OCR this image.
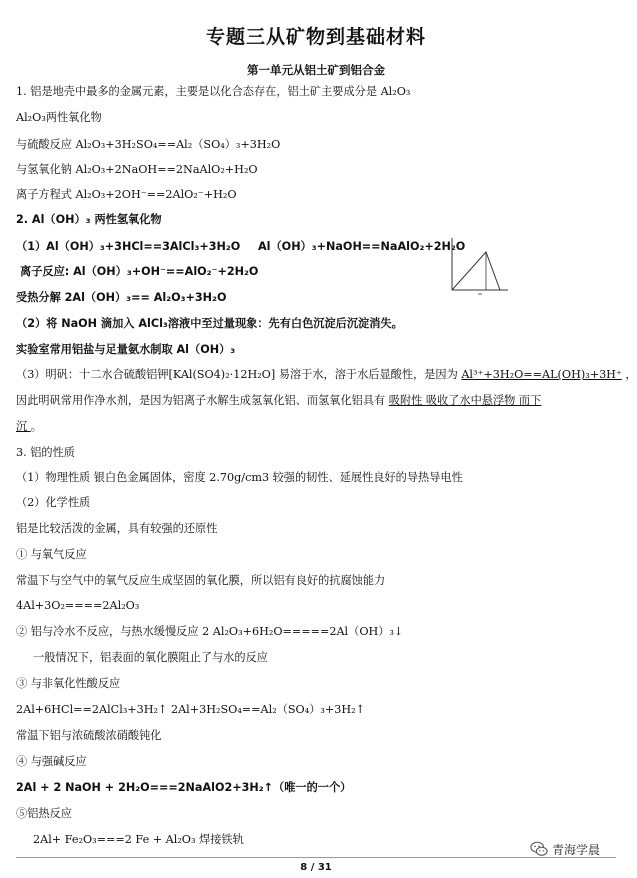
专题三从矿物到基础材料
第一单元从铝土矿到铝合金
1. 铝是地壳中最多的金属元素，主要是以化合态存在，铝土矿主要成分是 Al₂O₃
Al₂O₃两性氧化物
与硫酸反应 Al₂O₃+3H₂SO₄==Al₂（SO₄）₃+3H₂O
与氢氧化钠 Al₂O₃+2NaOH==2NaAlO₂+H₂O
离子方程式 Al₂O₃+2OH⁻==2AlO₂⁻+H₂O
2. Al（OH）₃ 两性氢氧化物
（1）Al（OH）₃+3HCl==3AlCl₃+3H₂O Al（OH）₃+NaOH==NaAlO₂+2H₂O
离子反应: Al（OH）₃+OH⁻==AlO₂⁻+2H₂O
受热分解 2Al（OH）₃== Al₂O₃+3H₂O
（2）将 NaOH 滴加入 AlCl₃溶液中至过量现象：先有白色沉淀后沉淀消失。
实验室常用铝盐与足量氨水制取 Al（OH）₃
（3）明矾：十二水合硫酸铝钾[KAl(SO4)₂·12H₂O] 易溶于水，溶于水后显酸性，是因为 Al³⁺+3H₂O==AL(OH)₃+3H⁺ ，
因此明矾常用作净水剂，是因为铝离子水解生成氢氧化铝、而氢氧化铝具有 吸附性 吸收了水中悬浮物 而下
沉 。
3. 铝的性质
（1）物理性质 银白色金属固体，密度 2.70g/cm3 较强的韧性、延展性良好的导热导电性
（2）化学性质
铝是比较活泼的金属，具有较强的还原性
① 与氧气反应
常温下与空气中的氧气反应生成坚固的氧化膜，所以铝有良好的抗腐蚀能力
4Al+3O₂====2Al₂O₃
② 铝与冷水不反应，与热水缓慢反应 2 Al₂O₃+6H₂O=====2Al（OH）₃↓
一般情况下，铝表面的氧化膜阻止了与水的反应
③ 与非氧化性酸反应
2Al+6HCl==2AlCl₃+3H₂↑ 2Al+3H₂SO₄==Al₂（SO₄）₃+3H₂↑
常温下铝与浓硫酸浓硝酸钝化
④ 与强碱反应
2Al + 2 NaOH + 2H₂O===2NaAlO2+3H₂↑（唯一的一个）
⑤铝热反应
2Al+ Fe₂O₃===2 Fe + Al₂O₃ 焊接铁轨
8 / 31
青海学晨
